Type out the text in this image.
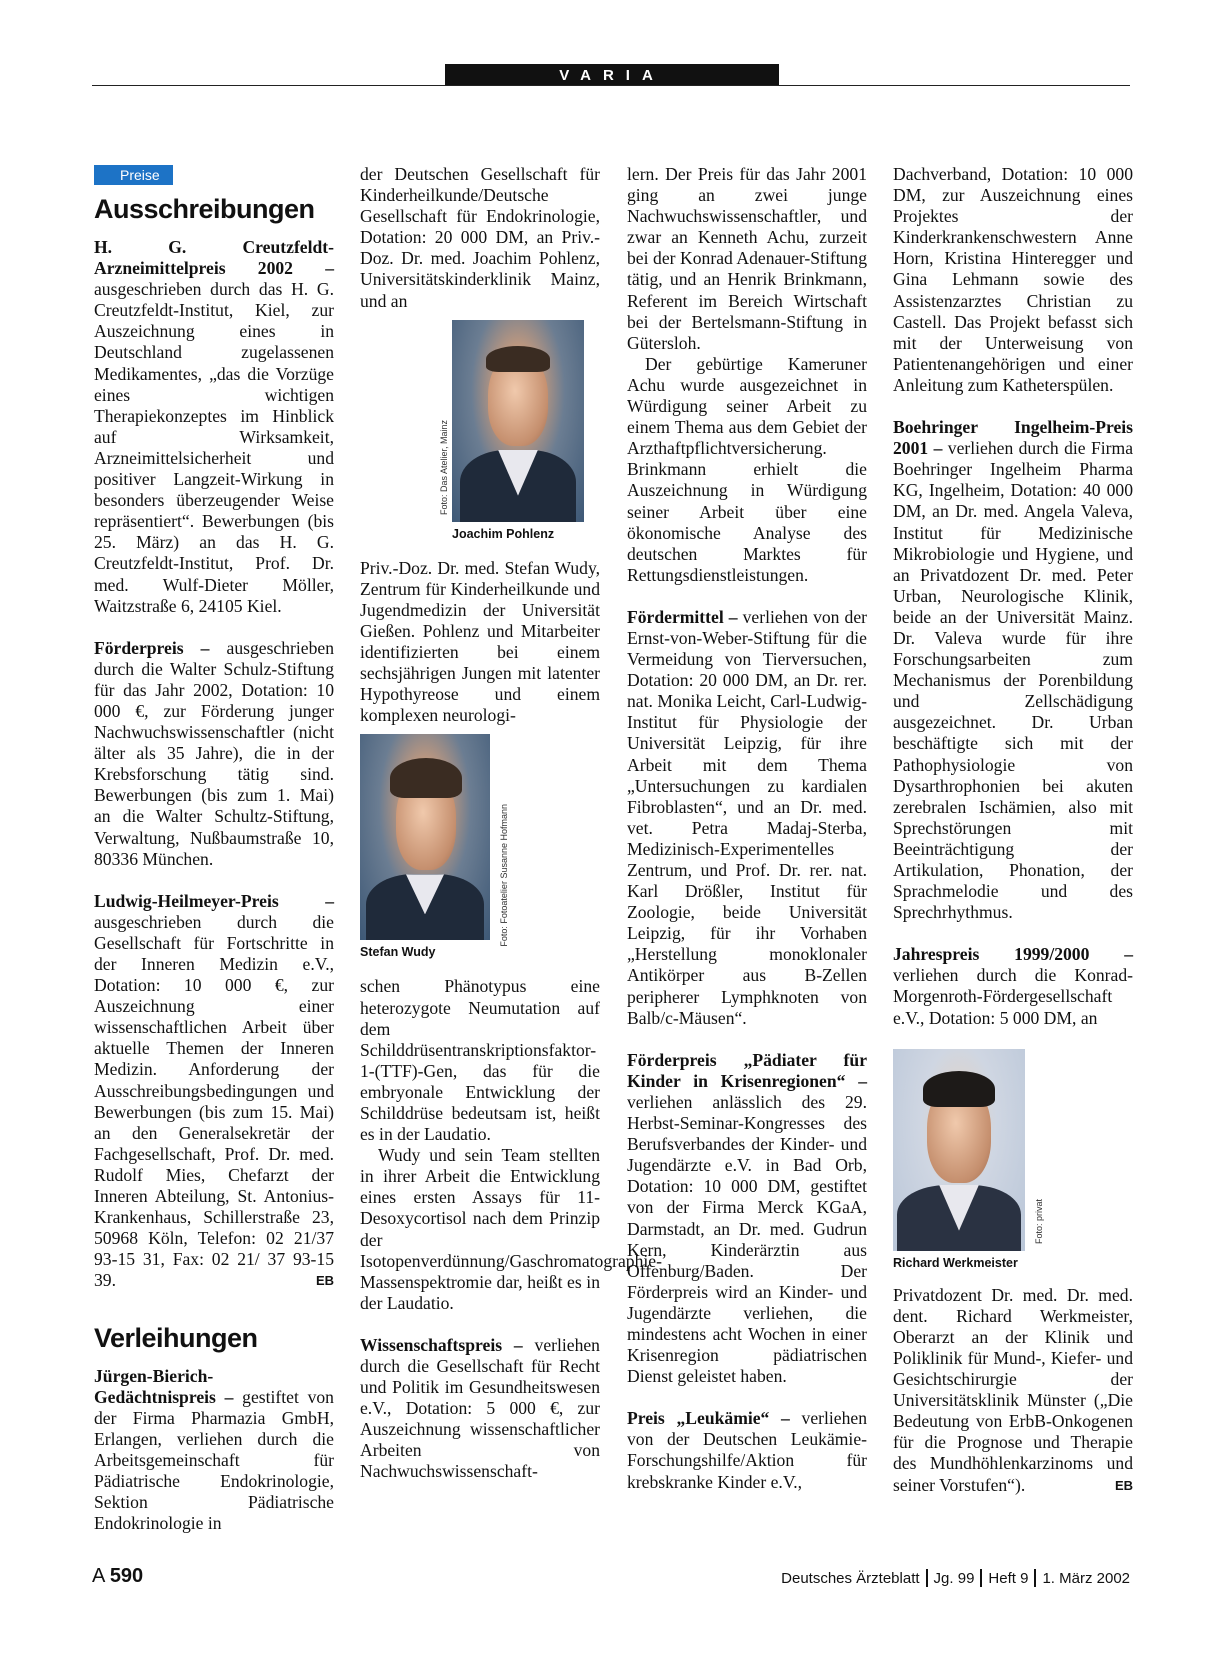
VARIA
Preise
Ausschreibungen

H. G. Creutzfeldt-Arzneimittelpreis 2002 – ausgeschrieben durch das H. G. Creutzfeldt-Institut, Kiel, zur Auszeichnung eines in Deutschland zugelassenen Medikamentes, „das die Vorzüge eines wichtigen Therapiekonzeptes im Hinblick auf Wirksamkeit, Arzneimittelsicherheit und positiver Langzeit-Wirkung in besonders überzeugender Weise repräsentiert“. Bewerbungen (bis 25. März) an das H. G. Creutzfeldt-Institut, Prof. Dr. med. Wulf-Dieter Möller, Waitzstraße 6, 24105 Kiel.

Förderpreis – ausgeschrieben durch die Walter Schulz-Stiftung für das Jahr 2002, Dotation: 10 000 €, zur Förderung junger Nachwuchswissenschaftler (nicht älter als 35 Jahre), die in der Krebsforschung tätig sind. Bewerbungen (bis zum 1. Mai) an die Walter Schultz-Stiftung, Verwaltung, Nußbaumstraße 10, 80336 München.

Ludwig-Heilmeyer-Preis – ausgeschrieben durch die Gesellschaft für Fortschritte in der Inneren Medizin e.V., Dotation: 10 000 €, zur Auszeichnung einer wissenschaftlichen Arbeit über aktuelle Themen der Inneren Medizin. Anforderung der Ausschreibungsbedingungen und Bewerbungen (bis zum 15. Mai) an den Generalsekretär der Fachgesellschaft, Prof. Dr. med. Rudolf Mies, Chefarzt der Inneren Abteilung, St. Antonius-Krankenhaus, Schillerstraße 23, 50968 Köln, Telefon: 02 21/37 93-15 31, Fax: 02 21/ 37 93-15 39.	EB

Verleihungen

Jürgen-Bierich-Gedächtnispreis – gestiftet von der Firma Pharmazia GmbH, Erlangen, verliehen durch die Arbeitsgemeinschaft für Pädiatrische Endokrinologie, Sektion Pädiatrische Endokrinologie in

der Deutschen Gesellschaft für Kinderheilkunde/Deutsche Gesellschaft für Endokrinologie, Dotation: 20 000 DM, an Priv.-Doz. Dr. med. Joachim Pohlenz, Universitätskinderklinik Mainz, und an

Foto: Das Atelier, Mainz
Joachim Pohlenz

Priv.-Doz. Dr. med. Stefan Wudy, Zentrum für Kinderheilkunde und Jugendmedizin der Universität Gießen. Pohlenz und Mitarbeiter identifizierten bei einem sechsjährigen Jungen mit latenter Hypothyreose und einem komplexen neurologi-

Foto: Fotoatelier Susanne Hofmann
Stefan Wudy

schen Phänotypus eine heterozygote Neumutation auf dem Schilddrüsentranskriptionsfaktor-1-(TTF)-Gen, das für die embryonale Entwicklung der Schilddrüse bedeutsam ist, heißt es in der Laudatio.

Wudy und sein Team stellten in ihrer Arbeit die Entwicklung eines ersten Assays für 11-Desoxycortisol nach dem Prinzip der Isotopenverdünnung/Gaschromatographie-Massenspektromie dar, heißt es in der Laudatio.

Wissenschaftspreis – verliehen durch die Gesellschaft für Recht und Politik im Gesundheitswesen e.V., Dotation: 5 000 €, zur Auszeichnung wissenschaftlicher Arbeiten von Nachwuchswissenschaft-

lern. Der Preis für das Jahr 2001 ging an zwei junge Nachwuchswissenschaftler, und zwar an Kenneth Achu, zurzeit bei der Konrad Adenauer-Stiftung tätig, und an Henrik Brinkmann, Referent im Bereich Wirtschaft bei der Bertelsmann-Stiftung in Gütersloh.

Der gebürtige Kameruner Achu wurde ausgezeichnet in Würdigung seiner Arbeit zu einem Thema aus dem Gebiet der Arzthaftpflichtversicherung. Brinkmann erhielt die Auszeichnung in Würdigung seiner Arbeit über eine ökonomische Analyse des deutschen Marktes für Rettungsdienstleistungen.

Fördermittel – verliehen von der Ernst-von-Weber-Stiftung für die Vermeidung von Tierversuchen, Dotation: 20 000 DM, an Dr. rer. nat. Monika Leicht, Carl-Ludwig-Institut für Physiologie der Universität Leipzig, für ihre Arbeit mit dem Thema „Untersuchungen zu kardialen Fibroblasten“, und an Dr. med. vet. Petra Madaj-Sterba, Medizinisch-Experimentelles Zentrum, und Prof. Dr. rer. nat. Karl Drößler, Institut für Zoologie, beide Universität Leipzig, für ihr Vorhaben „Herstellung monoklonaler Antikörper aus B-Zellen peripherer Lymphknoten von Balb/c-Mäusen“.

Förderpreis „Pädiater für Kinder in Krisenregionen“ – verliehen anlässlich des 29. Herbst-Seminar-Kongresses des Berufsverbandes der Kinder- und Jugendärzte e.V. in Bad Orb, Dotation: 10 000 DM, gestiftet von der Firma Merck KGaA, Darmstadt, an Dr. med. Gudrun Kern, Kinderärztin aus Offenburg/Baden. Der Förderpreis wird an Kinder- und Jugendärzte verliehen, die mindestens acht Wochen in einer Krisenregion pädiatrischen Dienst geleistet haben.

Preis „Leukämie“ – verliehen von der Deutschen Leukämie-Forschungshilfe/Aktion für krebskranke Kinder e.V.,

Dachverband, Dotation: 10 000 DM, zur Auszeichnung eines Projektes der Kinderkrankenschwestern Anne Horn, Kristina Hinteregger und Gina Lehmann sowie des Assistenzarztes Christian zu Castell. Das Projekt befasst sich mit der Unterweisung von Patientenangehörigen und einer Anleitung zum Katheterspülen.

Boehringer Ingelheim-Preis 2001 – verliehen durch die Firma Boehringer Ingelheim Pharma KG, Ingelheim, Dotation: 40 000 DM, an Dr. med. Angela Valeva, Institut für Medizinische Mikrobiologie und Hygiene, und an Privatdozent Dr. med. Peter Urban, Neurologische Klinik, beide an der Universität Mainz. Dr. Valeva wurde für ihre Forschungsarbeiten zum Mechanismus der Porenbildung und Zellschädigung ausgezeichnet. Dr. Urban beschäftigte sich mit der Pathophysiologie von Dysarthrophonien bei akuten zerebralen Ischämien, also mit Sprechstörungen mit Beeinträchtigung der Artikulation, Phonation, der Sprachmelodie und des Sprechrhythmus.

Jahrespreis 1999/2000 – verliehen durch die Konrad-Morgenroth-Fördergesellschaft e.V., Dotation: 5 000 DM, an

Foto: privat
Richard Werkmeister

Privatdozent Dr. med. Dr. med. dent. Richard Werkmeister, Oberarzt an der Klinik und Poliklinik für Mund-, Kiefer- und Gesichtschirurgie der Universitätsklinik Münster („Die Bedeutung von ErbB-Onkogenen für die Prognose und Therapie des Mundhöhlenkarzinoms und seiner Vorstufen“).	EB

A 590	Deutsches Ärzteblatt Jg. 99 Heft 9 1. März 2002
